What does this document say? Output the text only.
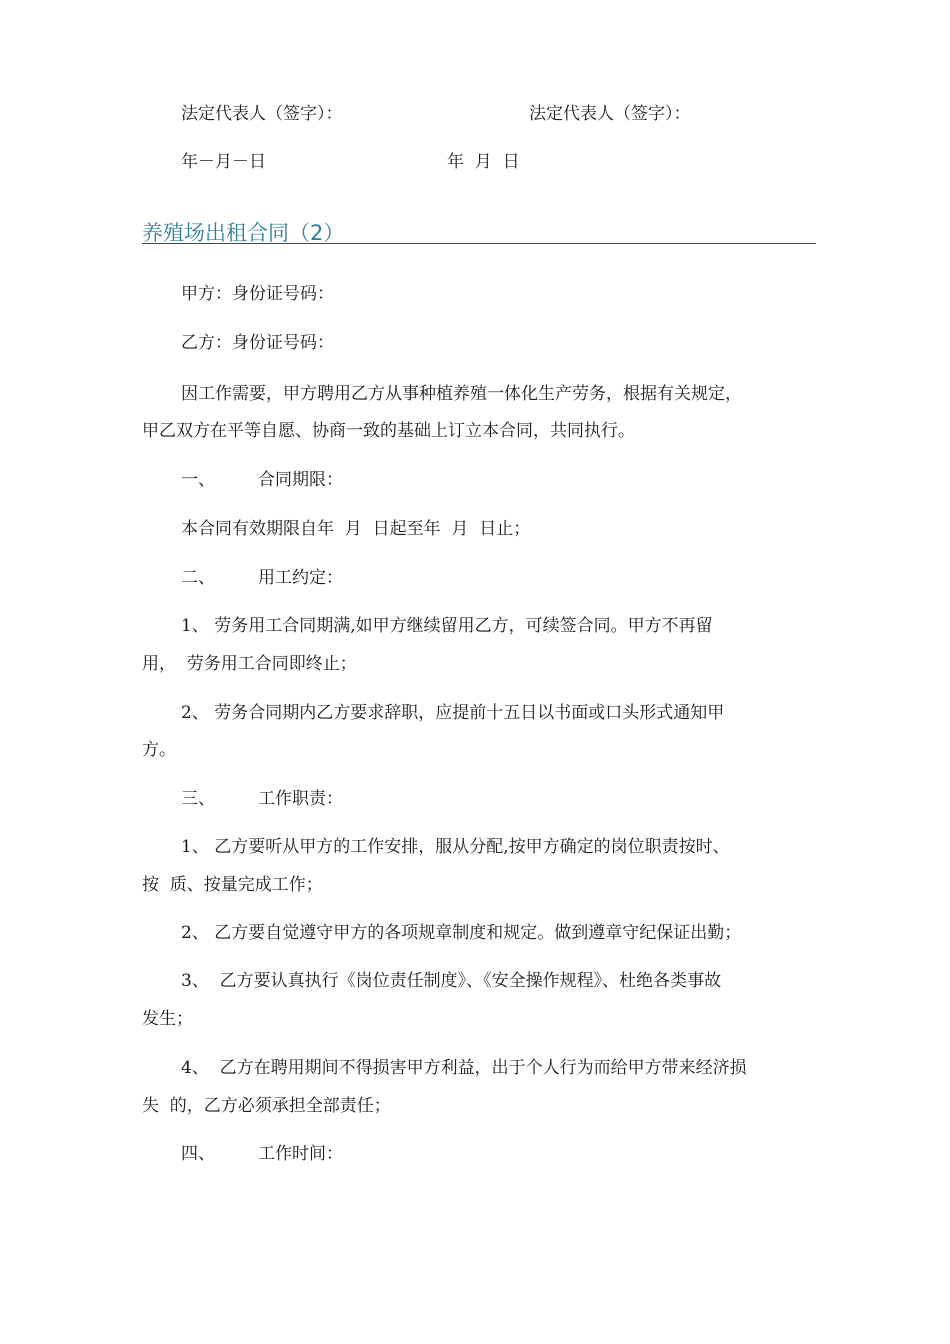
法定代表人（签字）：	法定代表人（签字）：
年－月－日	年  月  日
养殖场出租合同（2）
甲方：身份证号码：
乙方：身份证号码：
因工作需要，甲方聘用乙方从事种植养殖一体化生产劳务，根据有关规定，
甲乙双方在平等自愿、协商一致的基础上订立本合同，共同执行。
一、	合同期限：
本合同有效期限自年  月  日起至年  月  日止；
二、	用工约定：
1、 劳务用工合同期满,如甲方继续留用乙方，可续签合同。甲方不再留
用，  劳务用工合同即终止；
2、 劳务合同期内乙方要求辞职，应提前十五日以书面或口头形式通知甲
方。
三、	工作职责：
1、 乙方要听从甲方的工作安排，服从分配,按甲方确定的岗位职责按时、
按  质、按量完成工作；
2、 乙方要自觉遵守甲方的各项规章制度和规定。做到遵章守纪保证出勤；
3、  乙方要认真执行《岗位责任制度》、《安全操作规程》、杜绝各类事故
发生；
4、  乙方在聘用期间不得损害甲方利益，出于个人行为而给甲方带来经济损
失  的，乙方必须承担全部责任；
四、	工作时间：
